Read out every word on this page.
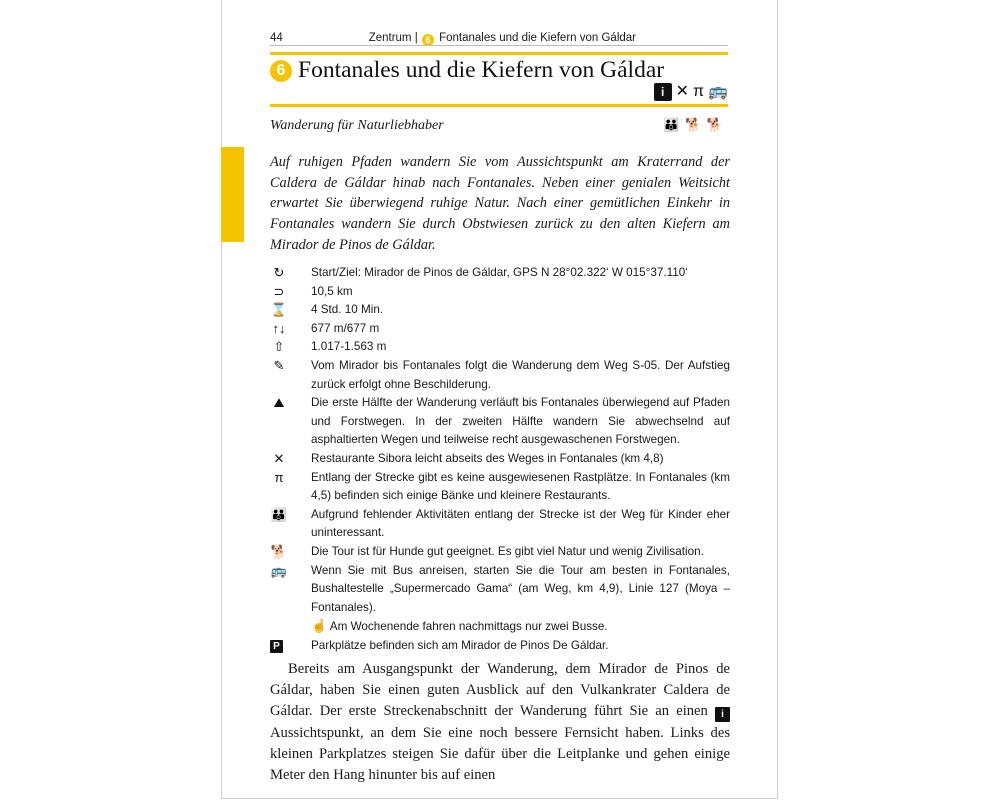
44	Zentrum | 6 Fontanales und die Kiefern von Gáldar
6 Fontanales und die Kiefern von Gáldar
i ✕ π 🚌
Wanderung für Naturliebhaber	👪 🐕 🐕
Auf ruhigen Pfaden wandern Sie vom Aussichtspunkt am Kraterrand der Caldera de Gáldar hinab nach Fontanales. Neben einer genialen Weitsicht erwartet Sie überwiegend ruhige Natur. Nach einer gemütlichen Einkehr in Fontanales wandern Sie durch Obstwiesen zurück zu den alten Kiefern am Mirador de Pinos de Gáldar.
↻	Start/Ziel: Mirador de Pinos de Gáldar, GPS N 28°02.322‘ W 015°37.110‘
⊃	10,5 km
⌛ 4 Std. 10 Min.
↑↓ 677 m/677 m
⇧	1.017-1.563 m
✎	Vom Mirador bis Fontanales folgt die Wanderung dem Weg S-05. Der Aufstieg zurück erfolgt ohne Beschilderung.
⛰	Die erste Hälfte der Wanderung verläuft bis Fontanales überwiegend auf Pfaden und Forstwegen. In der zweiten Hälfte wandern Sie abwechselnd auf asphaltierten Wegen und teilweise recht ausgewaschenen Forstwegen.
✕	Restaurante Sibora leicht abseits des Weges in Fontanales (km 4,8)
π	Entlang der Strecke gibt es keine ausgewiesenen Rastplätze. In Fontanales (km 4,5) befinden sich einige Bänke und kleinere Restaurants.
👪 Aufgrund fehlender Aktivitäten entlang der Strecke ist der Weg für Kinder eher uninteressant.
🐕 Die Tour ist für Hunde gut geeignet. Es gibt viel Natur und wenig Zivilisation.
🚌 Wenn Sie mit Bus anreisen, starten Sie die Tour am besten in Fontanales, Bushaltestelle „Supermercado Gama“ (am Weg, km 4,9), Linie 127 (Moya – Fontanales).
☝ Am Wochenende fahren nachmittags nur zwei Busse.
P	Parkplätze befinden sich am Mirador de Pinos De Gáldar.
Bereits am Ausgangspunkt der Wanderung, dem Mirador de Pinos de Gáldar, haben Sie einen guten Ausblick auf den Vulkankrater Caldera de Gáldar. Der erste Streckenabschnitt der Wanderung führt Sie an einen i Aussichtspunkt, an dem Sie eine noch bessere Fernsicht haben. Links des kleinen Parkplatzes steigen Sie dafür über die Leitplanke und gehen einige Meter den Hang hinunter bis auf einen
